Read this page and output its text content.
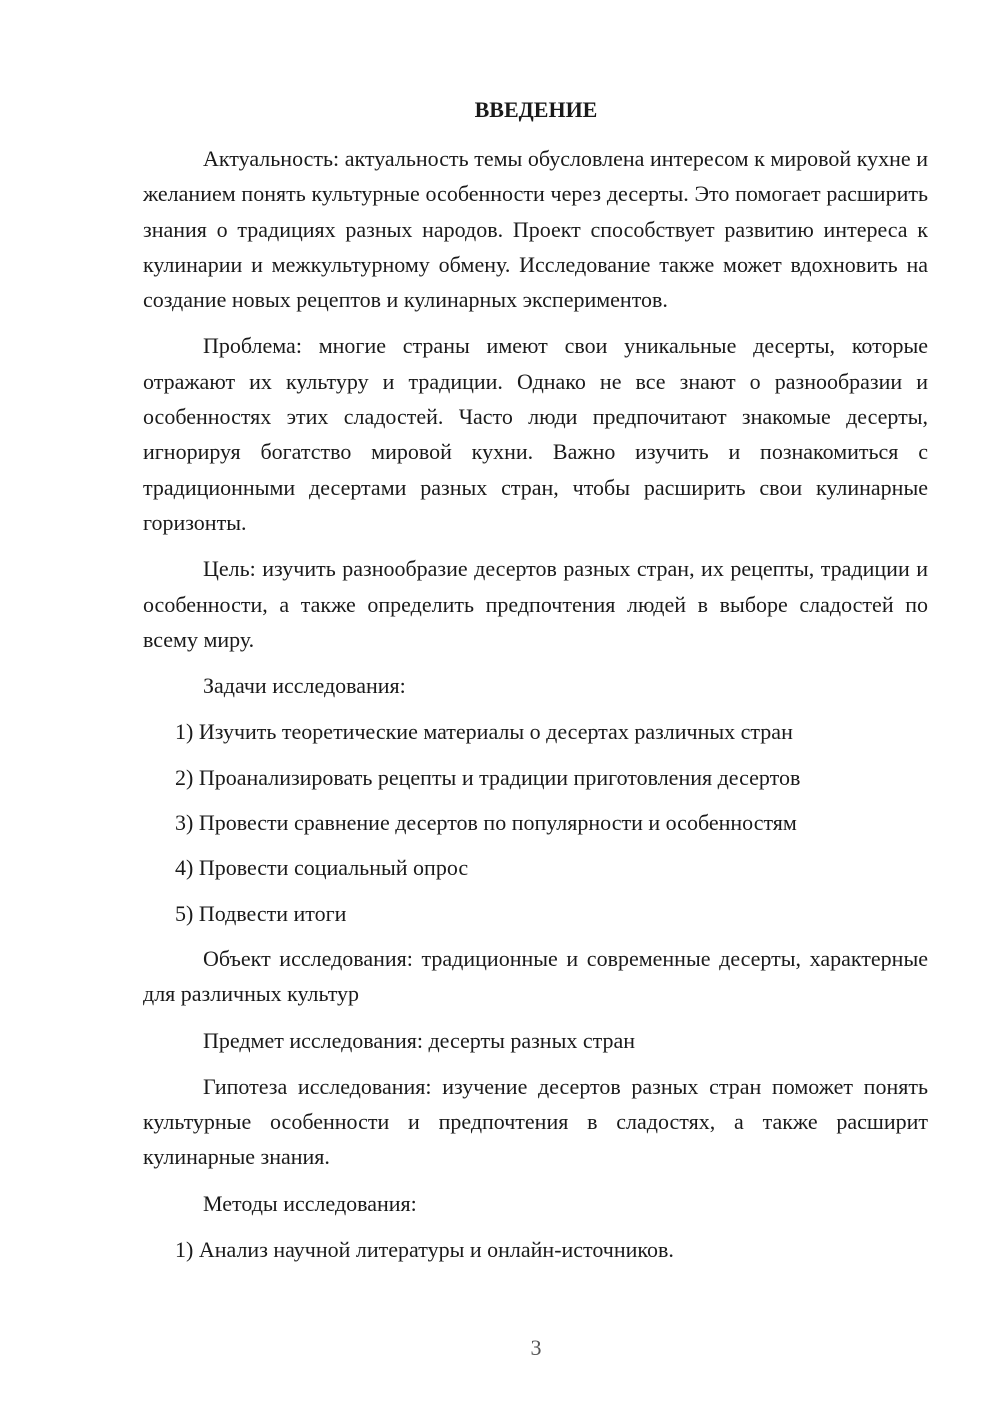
ВВЕДЕНИЕ

Актуальность: актуальность темы обусловлена интересом к мировой кухне и желанием понять культурные особенности через десерты. Это помогает расширить знания о традициях разных народов. Проект способствует развитию интереса к кулинарии и межкультурному обмену. Исследование также может вдохновить на создание новых рецептов и кулинарных экспериментов.

Проблема: многие страны имеют свои уникальные десерты, которые отражают их культуру и традиции. Однако не все знают о разнообразии и особенностях этих сладостей. Часто люди предпочитают знакомые десерты, игнорируя богатство мировой кухни. Важно изучить и познакомиться с традиционными десертами разных стран, чтобы расширить свои кулинарные горизонты.

Цель: изучить разнообразие десертов разных стран, их рецепты, традиции и особенности, а также определить предпочтения людей в выборе сладостей по всему миру.

Задачи исследования:

1) Изучить теоретические материалы о десертах различных стран

2) Проанализировать рецепты и традиции приготовления десертов

3) Провести сравнение десертов по популярности и особенностям

4) Провести социальный опрос

5) Подвести итоги

Объект исследования: традиционные и современные десерты, характерные для различных культур

Предмет исследования: десерты разных стран

Гипотеза исследования: изучение десертов разных стран поможет понять культурные особенности и предпочтения в сладостях, а также расширит кулинарные знания.

Методы исследования:

1) Анализ научной литературы и онлайн-источников.

3
